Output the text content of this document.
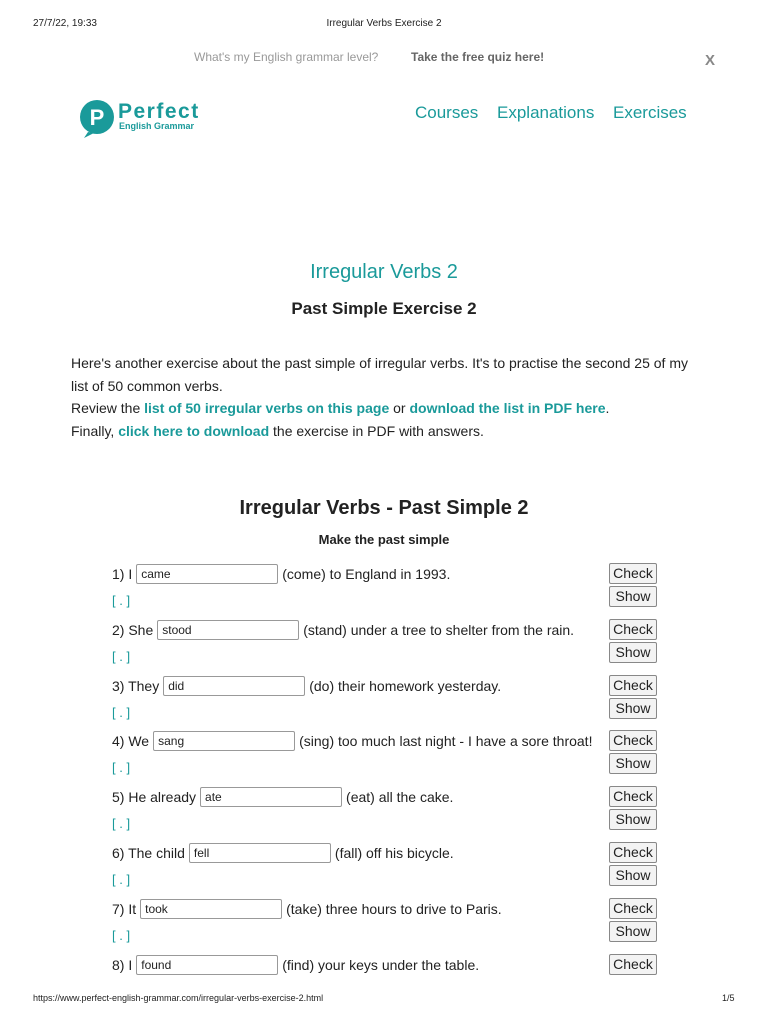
27/7/22, 19:33	Irregular Verbs Exercise 2
What's my English grammar level?	Take the free quiz here!	X
P Perfect
English Grammar
Courses Explanations Exercises
Irregular Verbs 2
Past Simple Exercise 2
Here's another exercise about the past simple of irregular verbs. It's to practise the second 25 of my list of 50 common verbs.
Review the list of 50 irregular verbs on this page or download the list in PDF here.
Finally, click here to download the exercise in PDF with answers.
Irregular Verbs - Past Simple 2
Make the past simple
1) I came	(come) to England in 1993.	Check
[ . ]	Show
2) She stood	(stand) under a tree to shelter from the rain.	Check
[ . ]	Show
3) They did	(do) their homework yesterday.	Check
[ . ]	Show
4) We sang	(sing) too much last night - I have a sore throat! Check
[ . ]	Show
5) He already ate	(eat) all the cake.	Check
[ . ]	Show
6) The child fell	(fall) off his bicycle.	Check
[ . ]	Show
7) It took	(take) three hours to drive to Paris.	Check
[ . ]	Show
8) I found	(find) your keys under the table.	Check
https://www.perfect-english-grammar.com/irregular-verbs-exercise-2.html	1/5
